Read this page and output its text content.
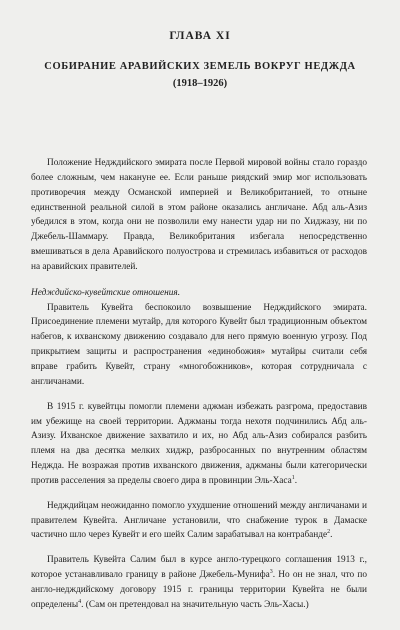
ГЛАВА XI
СОБИРАНИЕ АРАВИЙСКИХ ЗЕМЕЛЬ ВОКРУГ НЕДЖДА
(1918–1926)

Положение Недждийского эмирата после Первой мировой войны стало гораздо более сложным, чем накануне ее. Если раньше риядский эмир мог использовать противоречия между Османской империей и Великобританией, то отныне единственной реальной силой в этом районе оказались англичане. Абд аль-Азиз убедился в этом, когда они не позволили ему нанести удар ни по Хиджазу, ни по Джебель-Шаммару. Правда, Великобритания избегала непосредственно вмешиваться в дела Аравийского полуострова и стремилась избавиться от расходов на аравийских правителей.

Недждийско-кувейтские отношения.

Правитель Кувейта беспокоило возвышение Недждийского эмирата. Присоединение племени мутайр, для которого Кувейт был традиционным объектом набегов, к ихванскому движению создавало для него прямую военную угрозу. Под прикрытием защиты и распространения «единобожия» мутайры считали себя вправе грабить Кувейт, страну «многобожников», которая сотрудничала с англичанами.

В 1915 г. кувейтцы помогли племени аджман избежать разгрома, предоставив им убежище на своей территории. Аджманы тогда нехотя подчинились Абд аль-Азизу. Ихванское движение захватило и их, но Абд аль-Азиз собирался разбить племя на два десятка мелких хиджр, разбросанных по внутренним областям Неджда. Не возражая против ихванского движения, аджманы были категорически против расселения за пределы своего дира в провинции Эль-Хаса$^1$.

Недждийцам неожиданно помогло ухудшение отношений между англичанами и правителем Кувейта. Англичане установили, что снабжение турок в Дамаске частично шло через Кувейт и его шейх Салим зарабатывал на контрабанде$^2$.

Правитель Кувейта Салим был в курсе англо-турецкого соглашения 1913 г., которое устанавливало границу в районе Джебель-Мунифа$^3$. Но он не знал, что по англо-недждийскому договору 1915 г. границы территории Кувейта не были определены$^4$. (Сам он претендовал на значительную часть Эль-Хасы.)
